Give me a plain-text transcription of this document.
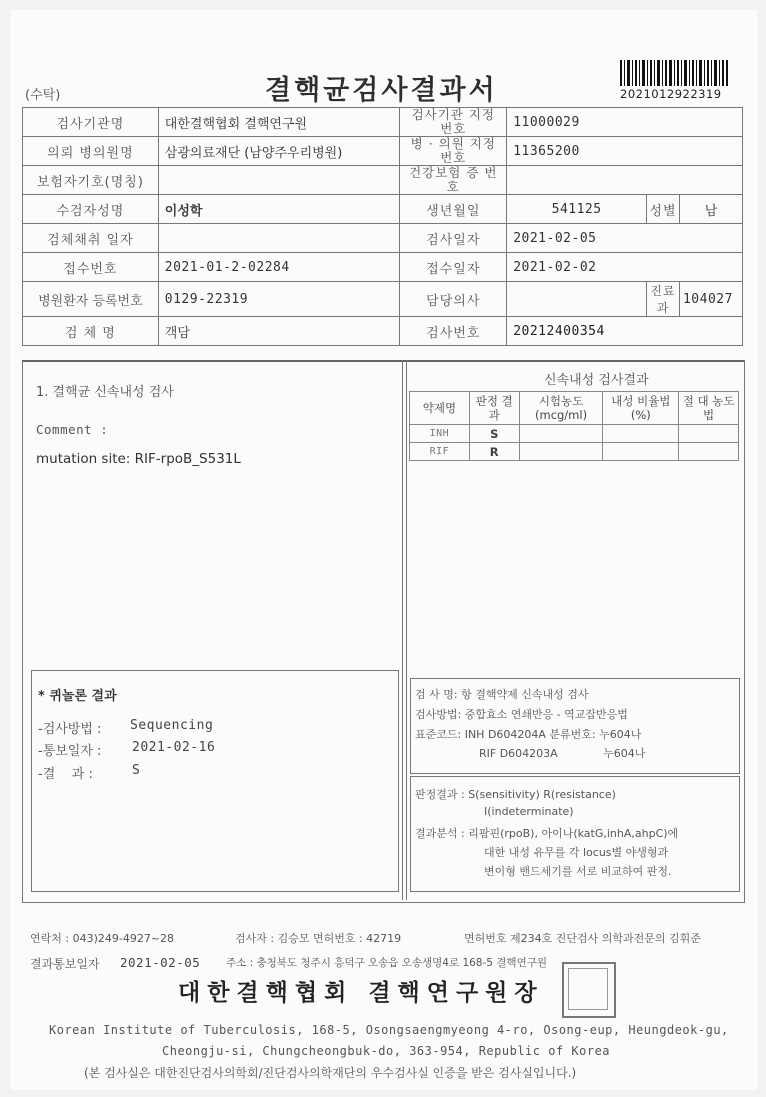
2021012922319
(수탁)	결핵균검사결과서
검사기관명	대한결핵협회 결핵연구원	검사기관 지정번호	11000029		
의뢰 병의원명	삼광의료재단 (남양주우리병원)	병 · 의원 지정번호	11365200		
보험자기호(명칭)		건강보험 증 번 호			
수검자성명	이성학	생년월일	541125	성별	남
검체채취 일자		검사일자	2021-02-05		
접수번호	2021-01-2-02284	접수일자	2021-02-02		
병원환자 등록번호	0129-22319	담당의사		진료과	104027
검 체 명	객담	검사번호	20212400354		
1. 결핵균 신속내성 검사
Comment :
mutation site: RIF-rpoB_S531L
신속내성 검사결과
약제명	판정 결과	시험농도 (mcg/ml)	내성 비율법(%)	절 대 농도법
INH	S			
RIF	R			
* 퀴놀론 결과
-검사방법 : Sequencing
-통보일자 : 2021-02-16
-결    과 :	S
검 사 명: 항 결핵약제 신속내성 검사
검사방법: 중합효소 연쇄반응 - 역교잡반응법
표준코드: INH D604204A 분류번호: 누604나
RIF D604203A             누604나
판정결과 : S(sensitivity) R(resistance)
I(indeterminate)
결과분석 : 리팜핀(rpoB), 아이나(katG,inhA,ahpC)에
대한 내성 유무를 각 locus별 야생형과
변이형 밴드세기를 서로 비교하여 판정.
연락처 : 043)249-4927~28	검사자 : 김승모 면허번호 : 42719	면허번호 제234호 진단검사 의학과전문의 김휘준
결과통보일자 2021-02-05 주소 : 충청북도 청주시 흥덕구 오송읍 오송생명4로 168-5 결핵연구원
대한결핵협회 결핵연구원장
Korean Institute of Tuberculosis, 168-5, Osongsaengmyeong 4-ro, Osong-eup, Heungdeok-gu,
Cheongju-si, Chungcheongbuk-do, 363-954, Republic of Korea
(본 검사실은 대한진단검사의학회/진단검사의학재단의 우수검사실 인증을 받은 검사실입니다.)
